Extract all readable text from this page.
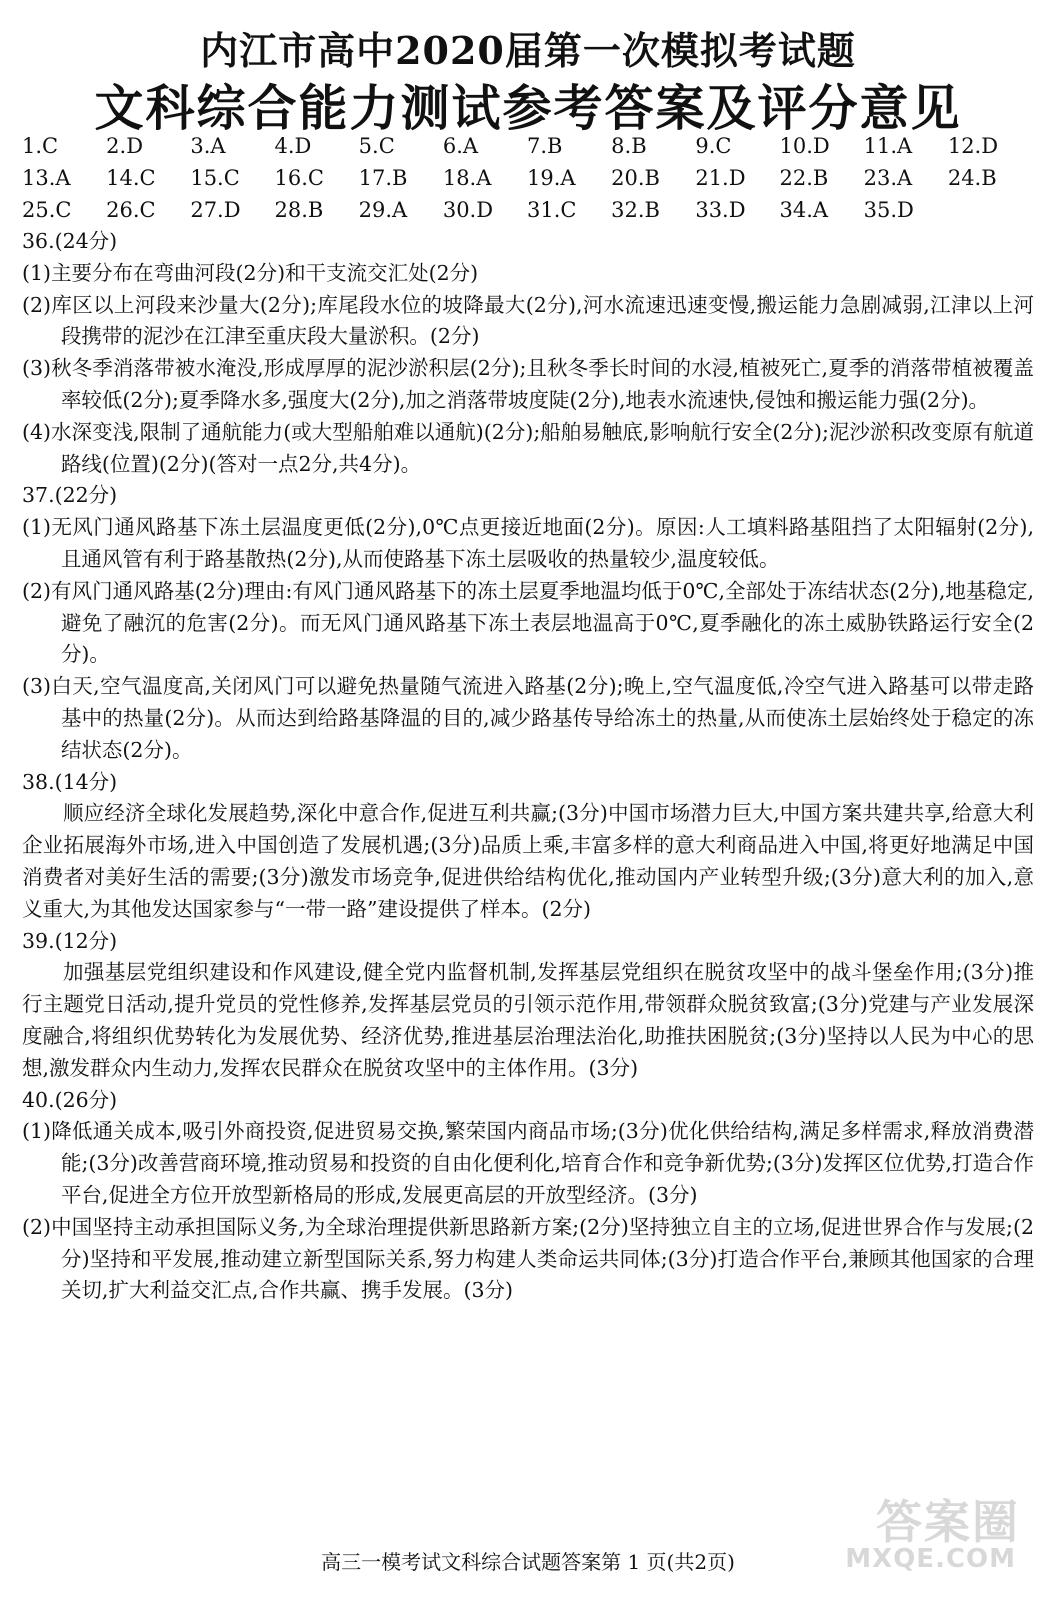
内江市高中2020届第一次模拟考试题
文科综合能力测试参考答案及评分意见
1.C	2.D	3.A	4.D	5.C	6.A	7.B	8.B	9.C	10.D	11.A	12.D
13.A	14.C	15.C	16.C	17.B	18.A	19.A	20.B	21.D	22.B	23.A	24.B
25.C	26.C	27.D	28.B	29.A	30.D	31.C	32.B	33.D	34.A	35.D
36.(24分)
(1)主要分布在弯曲河段(2分)和干支流交汇处(2分)
(2)库区以上河段来沙量大(2分);库尾段水位的坡降最大(2分),河水流速迅速变慢,搬运能力急剧减弱,江津以上河段携带的泥沙在江津至重庆段大量淤积。(2分)
(3)秋冬季消落带被水淹没,形成厚厚的泥沙淤积层(2分);且秋冬季长时间的水浸,植被死亡,夏季的消落带植被覆盖率较低(2分);夏季降水多,强度大(2分),加之消落带坡度陡(2分),地表水流速快,侵蚀和搬运能力强(2分)。
(4)水深变浅,限制了通航能力(或大型船舶难以通航)(2分);船舶易触底,影响航行安全(2分);泥沙淤积改变原有航道路线(位置)(2分)(答对一点2分,共4分)。
37.(22分)
(1)无风门通风路基下冻土层温度更低(2分),0℃点更接近地面(2分)。原因:人工填料路基阻挡了太阳辐射(2分),且通风管有利于路基散热(2分),从而使路基下冻土层吸收的热量较少,温度较低。
(2)有风门通风路基(2分)理由:有风门通风路基下的冻土层夏季地温均低于0℃,全部处于冻结状态(2分),地基稳定,避免了融沉的危害(2分)。而无风门通风路基下冻土表层地温高于0℃,夏季融化的冻土威胁铁路运行安全(2分)。
(3)白天,空气温度高,关闭风门可以避免热量随气流进入路基(2分);晚上,空气温度低,冷空气进入路基可以带走路基中的热量(2分)。从而达到给路基降温的目的,减少路基传导给冻土的热量,从而使冻土层始终处于稳定的冻结状态(2分)。
38.(14分)
顺应经济全球化发展趋势,深化中意合作,促进互利共赢;(3分)中国市场潜力巨大,中国方案共建共享,给意大利企业拓展海外市场,进入中国创造了发展机遇;(3分)品质上乘,丰富多样的意大利商品进入中国,将更好地满足中国消费者对美好生活的需要;(3分)激发市场竞争,促进供给结构优化,推动国内产业转型升级;(3分)意大利的加入,意义重大,为其他发达国家参与“一带一路”建设提供了样本。(2分)
39.(12分)
加强基层党组织建设和作风建设,健全党内监督机制,发挥基层党组织在脱贫攻坚中的战斗堡垒作用;(3分)推行主题党日活动,提升党员的党性修养,发挥基层党员的引领示范作用,带领群众脱贫致富;(3分)党建与产业发展深度融合,将组织优势转化为发展优势、经济优势,推进基层治理法治化,助推扶困脱贫;(3分)坚持以人民为中心的思想,激发群众内生动力,发挥农民群众在脱贫攻坚中的主体作用。(3分)
40.(26分)
(1)降低通关成本,吸引外商投资,促进贸易交换,繁荣国内商品市场;(3分)优化供给结构,满足多样需求,释放消费潜能;(3分)改善营商环境,推动贸易和投资的自由化便利化,培育合作和竞争新优势;(3分)发挥区位优势,打造合作平台,促进全方位开放型新格局的形成,发展更高层的开放型经济。(3分)
(2)中国坚持主动承担国际义务,为全球治理提供新思路新方案;(2分)坚持独立自主的立场,促进世界合作与发展;(2分)坚持和平发展,推动建立新型国际关系,努力构建人类命运共同体;(3分)打造合作平台,兼顾其他国家的合理关切,扩大利益交汇点,合作共赢、携手发展。(3分)
答案圈
MXQE.COM
高三一模考试文科综合试题答案第 1 页(共2页)
